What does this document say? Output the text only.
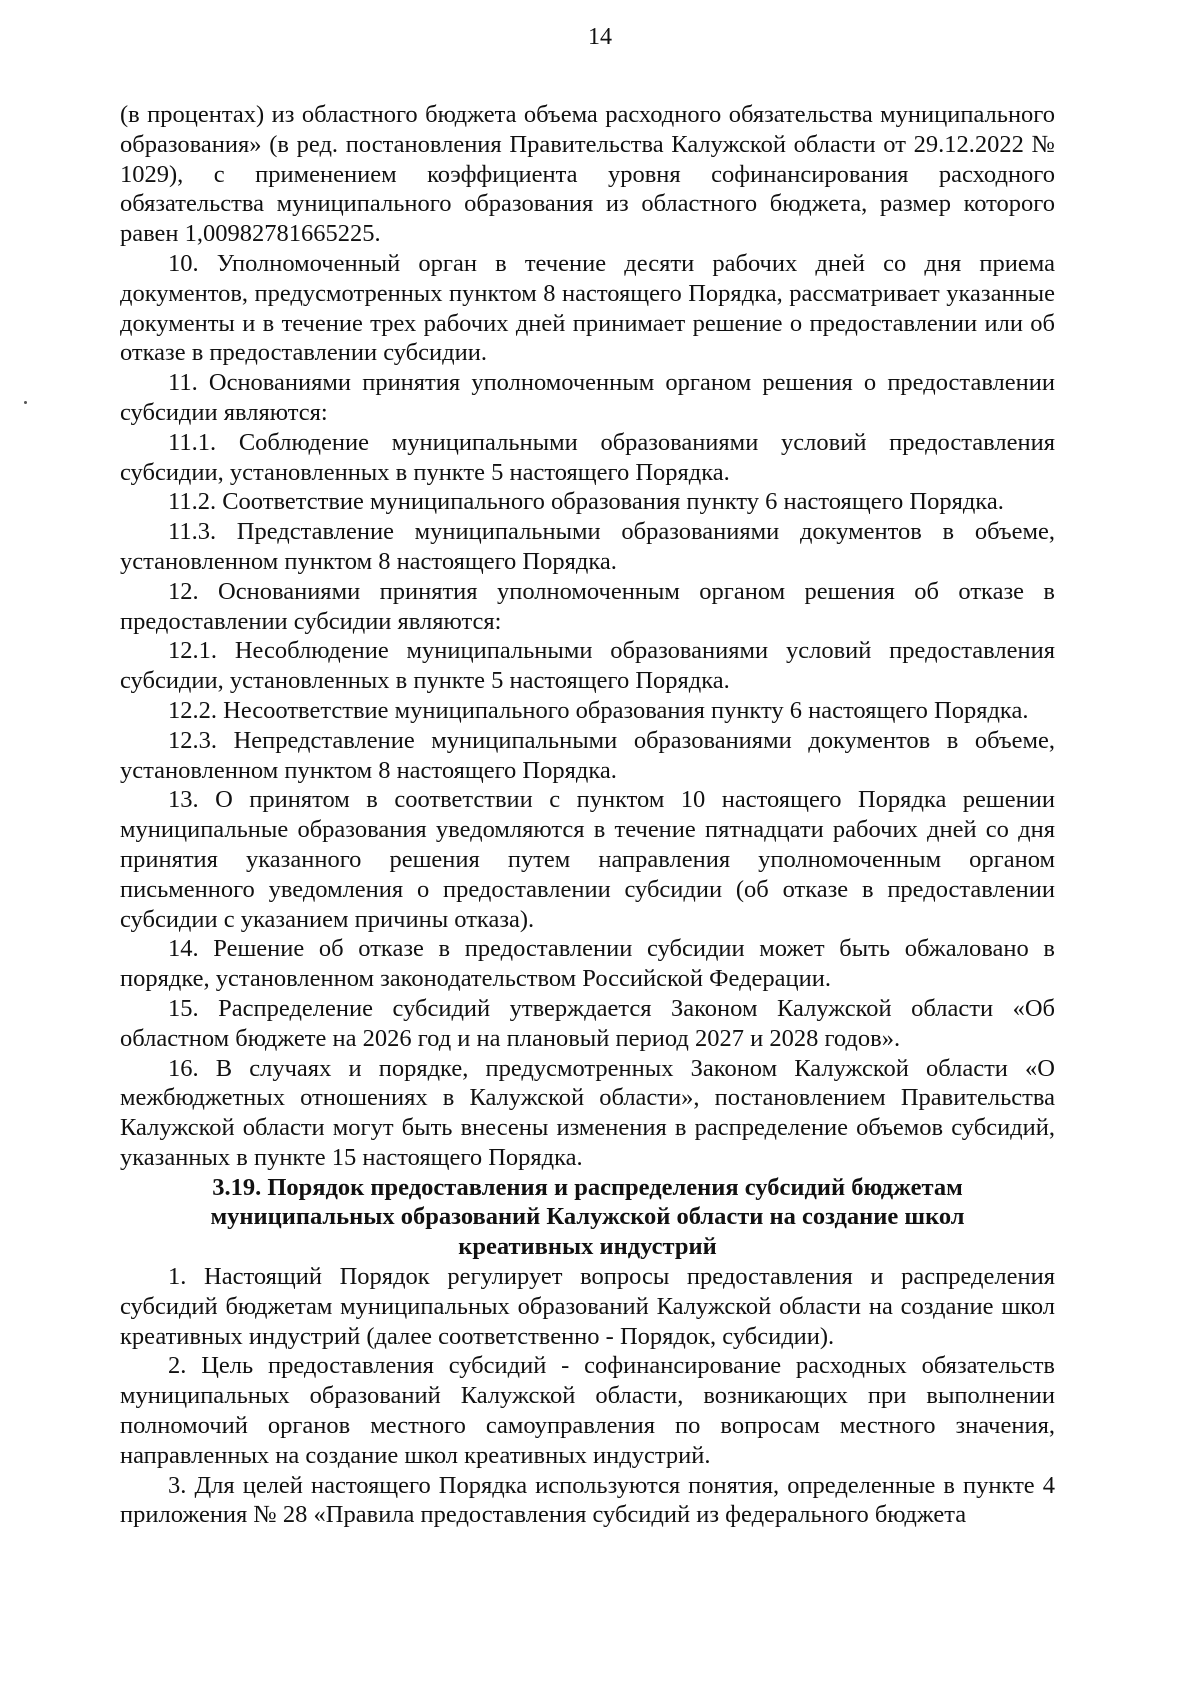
14

(в процентах) из областного бюджета объема расходного обязательства муниципального образования» (в ред. постановления Правительства Калужской области от 29.12.2022 № 1029), с применением коэффициента уровня софинансирования расходного обязательства муниципального образования из областного бюджета, размер которого равен 1,00982781665225.

10. Уполномоченный орган в течение десяти рабочих дней со дня приема документов, предусмотренных пунктом 8 настоящего Порядка, рассматривает указанные документы и в течение трех рабочих дней принимает решение о предоставлении или об отказе в предоставлении субсидии.

11. Основаниями принятия уполномоченным органом решения о предоставлении субсидии являются:

11.1. Соблюдение муниципальными образованиями условий предоставления субсидии, установленных в пункте 5 настоящего Порядка.

11.2. Соответствие муниципального образования пункту 6 настоящего Порядка.

11.3. Представление муниципальными образованиями документов в объеме, установленном пунктом 8 настоящего Порядка.

12. Основаниями принятия уполномоченным органом решения об отказе в предоставлении субсидии являются:

12.1. Несоблюдение муниципальными образованиями условий предоставления субсидии, установленных в пункте 5 настоящего Порядка.

12.2. Несоответствие муниципального образования пункту 6 настоящего Порядка.

12.3. Непредставление муниципальными образованиями документов в объеме, установленном пунктом 8 настоящего Порядка.

13. О принятом в соответствии с пунктом 10 настоящего Порядка решении муниципальные образования уведомляются в течение пятнадцати рабочих дней со дня принятия указанного решения путем направления уполномоченным органом письменного уведомления о предоставлении субсидии (об отказе в предоставлении субсидии с указанием причины отказа).

14. Решение об отказе в предоставлении субсидии может быть обжаловано в порядке, установленном законодательством Российской Федерации.

15. Распределение субсидий утверждается Законом Калужской области «Об областном бюджете на 2026 год и на плановый период 2027 и 2028 годов».

16. В случаях и порядке, предусмотренных Законом Калужской области «О межбюджетных отношениях в Калужской области», постановлением Правительства Калужской области могут быть внесены изменения в распределение объемов субсидий, указанных в пункте 15 настоящего Порядка.

3.19. Порядок предоставления и распределения субсидий бюджетам муниципальных образований Калужской области на создание школ креативных индустрий

1. Настоящий Порядок регулирует вопросы предоставления и распределения субсидий бюджетам муниципальных образований Калужской области на создание школ креативных индустрий (далее соответственно - Порядок, субсидии).

2. Цель предоставления субсидий - софинансирование расходных обязательств муниципальных образований Калужской области, возникающих при выполнении полномочий органов местного самоуправления по вопросам местного значения, направленных на создание школ креативных индустрий.

3. Для целей настоящего Порядка используются понятия, определенные в пункте 4 приложения № 28 «Правила предоставления субсидий из федерального бюджета
